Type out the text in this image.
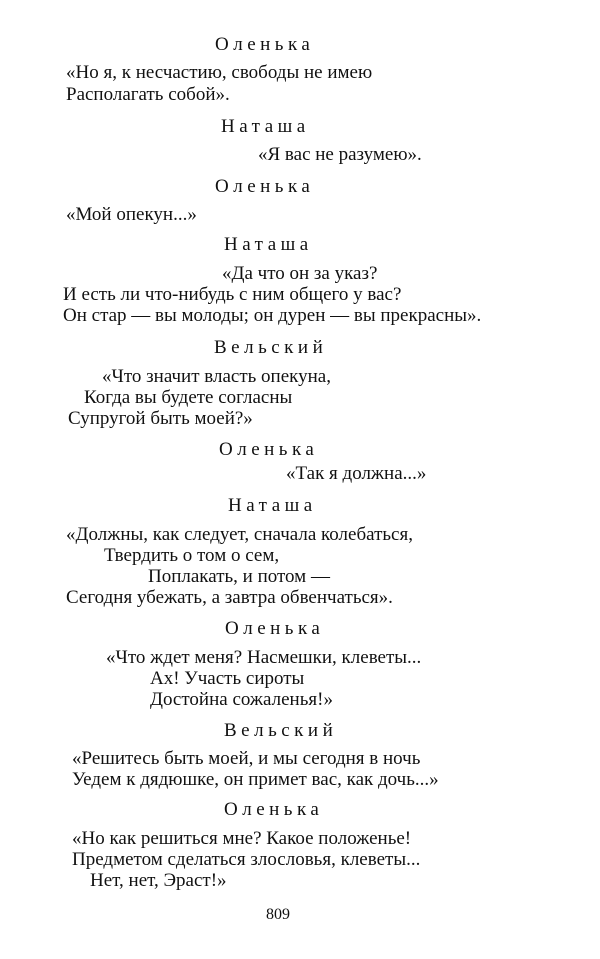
Оленька
«Но я, к несчастию, свободы не имею
Располагать собой».
Наташа
«Я вас не разумею».
Оленька
«Мой опекун...»
Наташа
«Да что он за указ?
И есть ли что-нибудь с ним общего у вас?
Он стар — вы молоды; он дурен — вы прекрасны».
Вельский
«Что значит власть опекуна,
Когда вы будете согласны
Супругой быть моей?»
Оленька
«Так я должна...»
Наташа
«Должны, как следует, сначала колебаться,
Твердить о том о сем,
Поплакать, и потом —
Сегодня убежать, а завтра обвенчаться».
Оленька
«Что ждет меня? Насмешки, клеветы...
Ах! Участь сироты
Достойна сожаленья!»
Вельский
«Решитесь быть моей, и мы сегодня в ночь
Уедем к дядюшке, он примет вас, как дочь...»
Оленька
«Но как решиться мне? Какое положенье!
Предметом сделаться злословья, клеветы...
Нет, нет, Эраст!»
809
